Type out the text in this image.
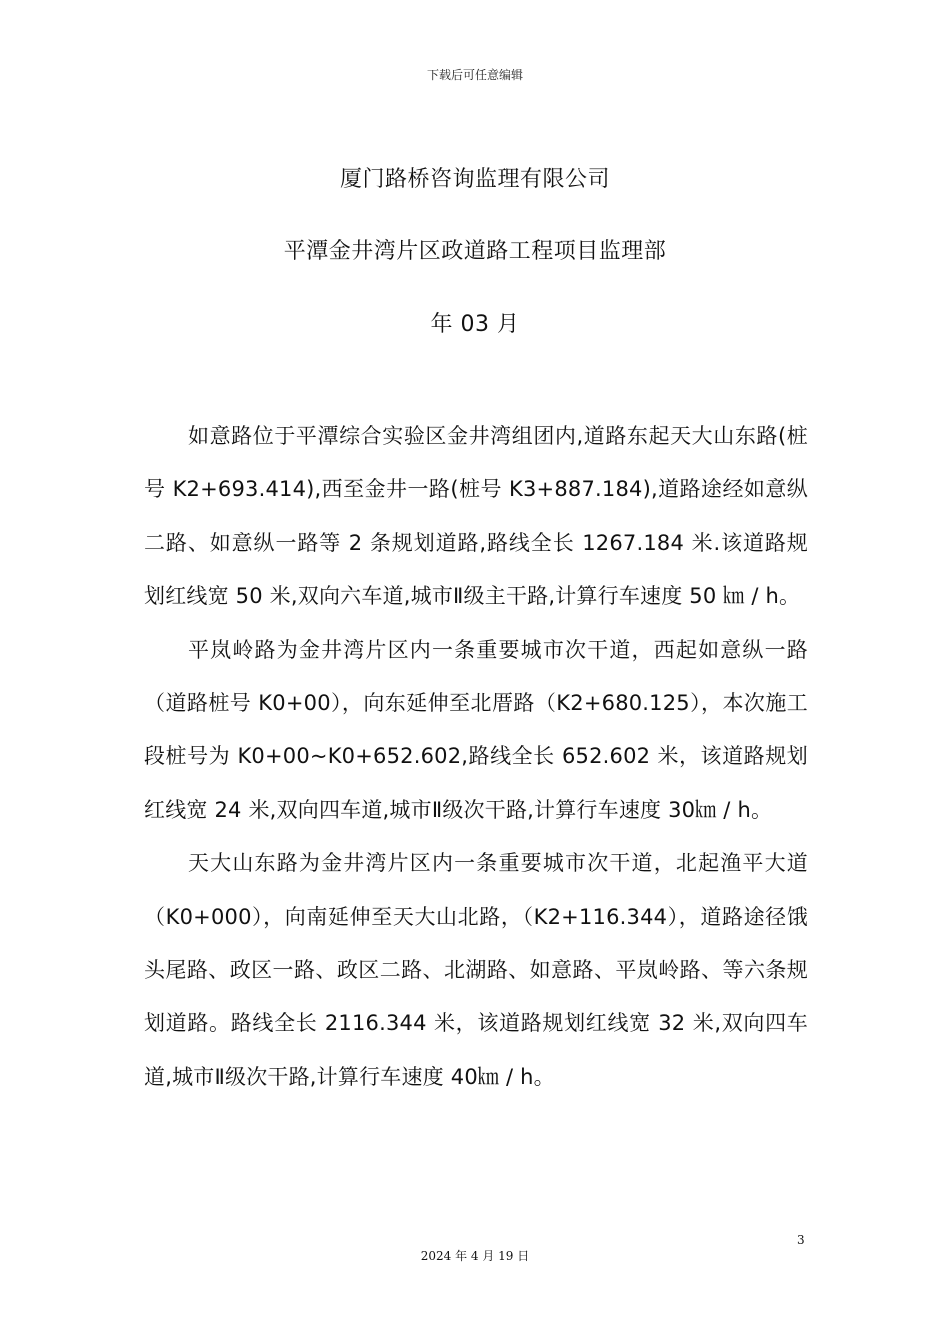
下载后可任意编辑
厦门路桥咨询监理有限公司
平潭金井湾片区政道路工程项目监理部
年 03 月

如意路位于平潭综合实验区金井湾组团内,道路东起天大山东路(桩号 K2+693.414),西至金井一路(桩号 K3+887.184),道路途经如意纵二路、如意纵一路等 2 条规划道路,路线全长 1267.184 米.该道路规划红线宽 50 米,双向六车道,城市Ⅱ级主干路,计算行车速度 50 ㎞ / h。

平岚岭路为金井湾片区内一条重要城市次干道，西起如意纵一路（道路桩号 K0+00），向东延伸至北厝路（K2+680.125），本次施工段桩号为 K0+00~K0+652.602,路线全长 652.602 米，该道路规划红线宽 24 米,双向四车道,城市Ⅱ级次干路,计算行车速度 30㎞ / h。

天大山东路为金井湾片区内一条重要城市次干道，北起渔平大道（K0+000），向南延伸至天大山北路，（K2+116.344），道路途径饿头尾路、政区一路、政区二路、北湖路、如意路、平岚岭路、等六条规划道路。路线全长 2116.344 米，该道路规划红线宽 32 米,双向四车道,城市Ⅱ级次干路,计算行车速度 40㎞ / h。

3
2024 年 4 月 19 日
